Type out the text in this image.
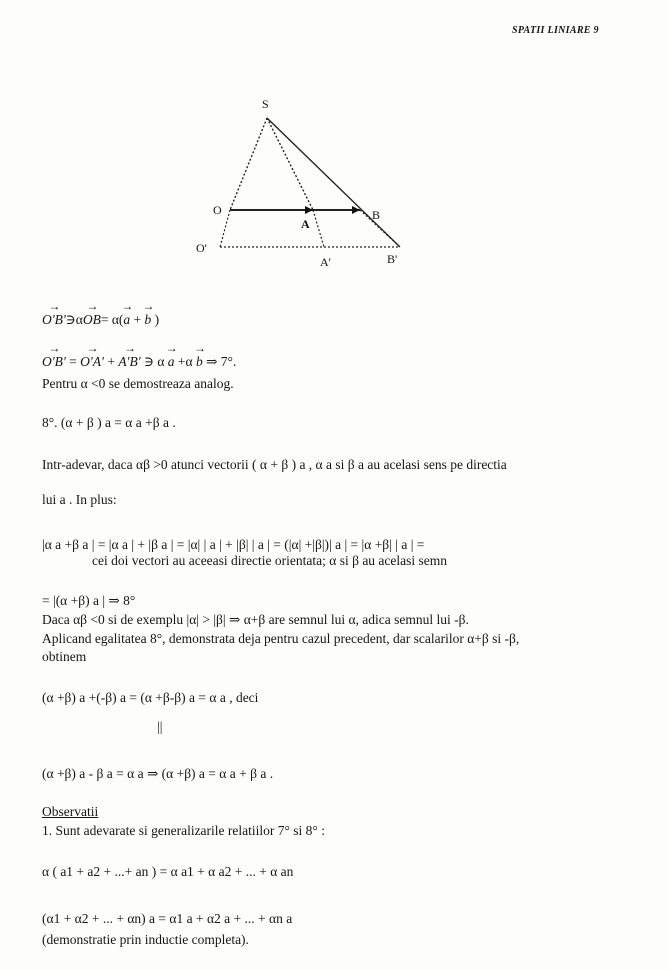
SPATII LINIARE 9
S
O
A
B
O'
A'	B'
→ O'B'∋α→ OB= α(→ a + → b )
→ O'B' = → O'A' + → A'B' ∋ α → a +α → b ⇒ 7°.
Pentru α <0 se demostreaza analog.
8°. (α + β ) a = α a +β a .
Intr-adevar, daca αβ >0 atunci vectorii ( α + β ) a , α a si β a au acelasi sens pe directia
lui a . In plus:
|α a +β a | = |α a | + |β a | = |α| | a | + |β| | a | = (|α| +|β|)| a | = |α +β| | a | =
cei doi vectori au aceeasi directie orientata; α si β au acelasi semn
= |(α +β) a | ⇒ 8°
Daca αβ <0 si de exemplu |α| > |β| ⇒ α+β are semnul lui α, adica semnul lui -β.
Aplicand egalitatea 8°, demonstrata deja pentru cazul precedent, dar scalarilor α+β si -β,
obtinem
(α +β) a +(-β) a = (α +β-β) a = α a , deci
||
(α +β) a - β a = α a ⇒ (α +β) a = α a + β a .
Observatii
1. Sunt adevarate si generalizarile relatiilor 7° si 8° :
α ( a1 + a2 + ...+ an ) = α a1 + α a2 + ... + α an
(α1 + α2 + ... + αn) a = α1 a + α2 a + ... + αn a
(demonstratie prin inductie completa).
